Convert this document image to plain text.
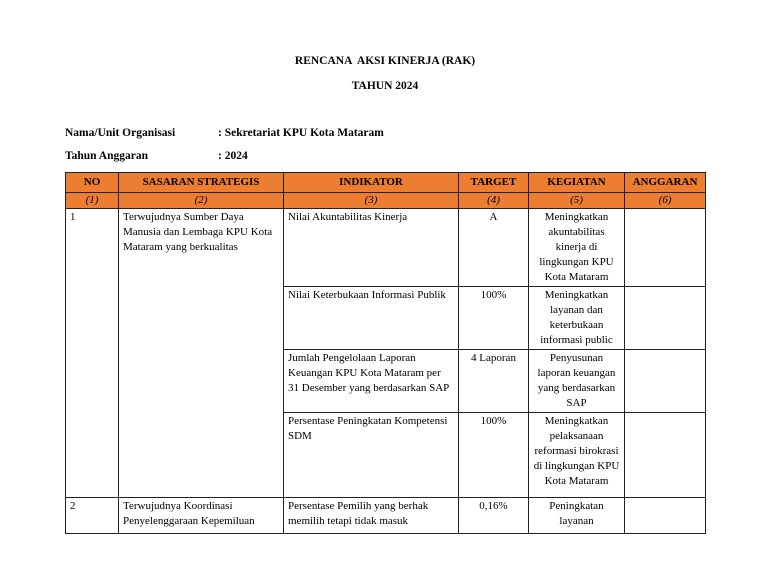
RENCANA  AKSI KINERJA (RAK)
TAHUN 2024
Nama/Unit Organisasi	: Sekretariat KPU Kota Mataram
Tahun Anggaran	: 2024
NO	SASARAN STRATEGIS	INDIKATOR	TARGET	KEGIATAN	ANGGARAN
(1)	(2)	(3)	(4)	(5)	(6)
1	Terwujudnya Sumber Daya Manusia dan Lembaga KPU Kota Mataram yang berkualitas	Nilai Akuntabilitas Kinerja	A	Meningkatkan akuntabilitas kinerja di lingkungan KPU Kota Mataram	
		Nilai Keterbukaan Informasi Publik	100%	Meningkatkan layanan dan keterbukaan informasi public	
		Jumlah Pengelolaan Laporan Keuangan KPU Kota Mataram per 31 Desember yang berdasarkan SAP	4 Laporan	Penyusunan laporan keuangan yang berdasarkan SAP	
		Persentase Peningkatan Kompetensi SDM	100%	Meningkatkan pelaksanaan reformasi birokrasi di lingkungan KPU Kota Mataram	
2	Terwujudnya Koordinasi Penyelenggaraan Kepemiluan	Persentase Pemilih yang berhak memilih tetapi tidak masuk	0,16%	Peningkatan layanan	
